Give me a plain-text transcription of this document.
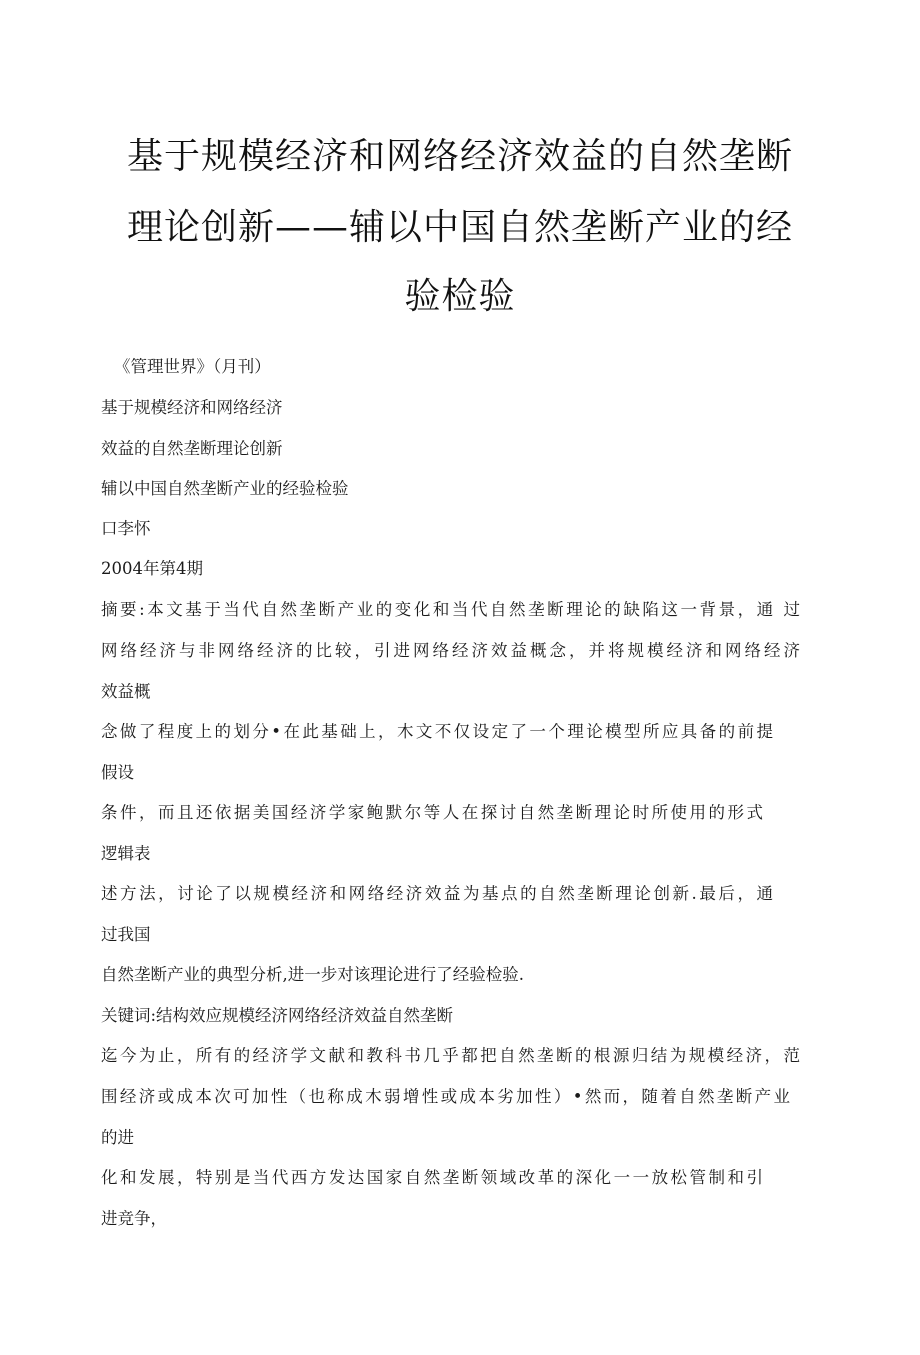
基于规模经济和网络经济效益的自然垄断
理论创新——辅以中国自然垄断产业的经
验检验
《管理世界》（月刊）
基于规模经济和网络经济
效益的自然垄断理论创新
辅以中国自然垄断产业的经验检验
口李怀
2004年第4期
摘要:本文基于当代自然垄断产业的变化和当代自然垄断理论的缺陷这一背景，通 过
网络经济与非网络经济的比较，引进网络经济效益概念，并将规模经济和网络经济
效益概
念做了程度上的划分•在此基础上，木文不仅设定了一个理论模型所应具备的前提
假设
条件，而且还依据美国经济学家鲍默尔等人在探讨自然垄断理论时所使用的形式
逻辑表
述方法，讨论了以规模经济和网络经济效益为基点的自然垄断理论创新.最后，通
过我国
自然垄断产业的典型分析,进一步对该理论进行了经验检验.
关键词:结构效应规模经济网络经济效益自然垄断
迄今为止，所有的经济学文献和教科书几乎都把自然垄断的根源归结为规模经济，范
围经济或成本次可加性（也称成木弱增性或成本劣加性）•然而，随着自然垄断产业
的进
化和发展，特别是当代西方发达国家自然垄断领域改革的深化一一放松管制和引
进竞争，
